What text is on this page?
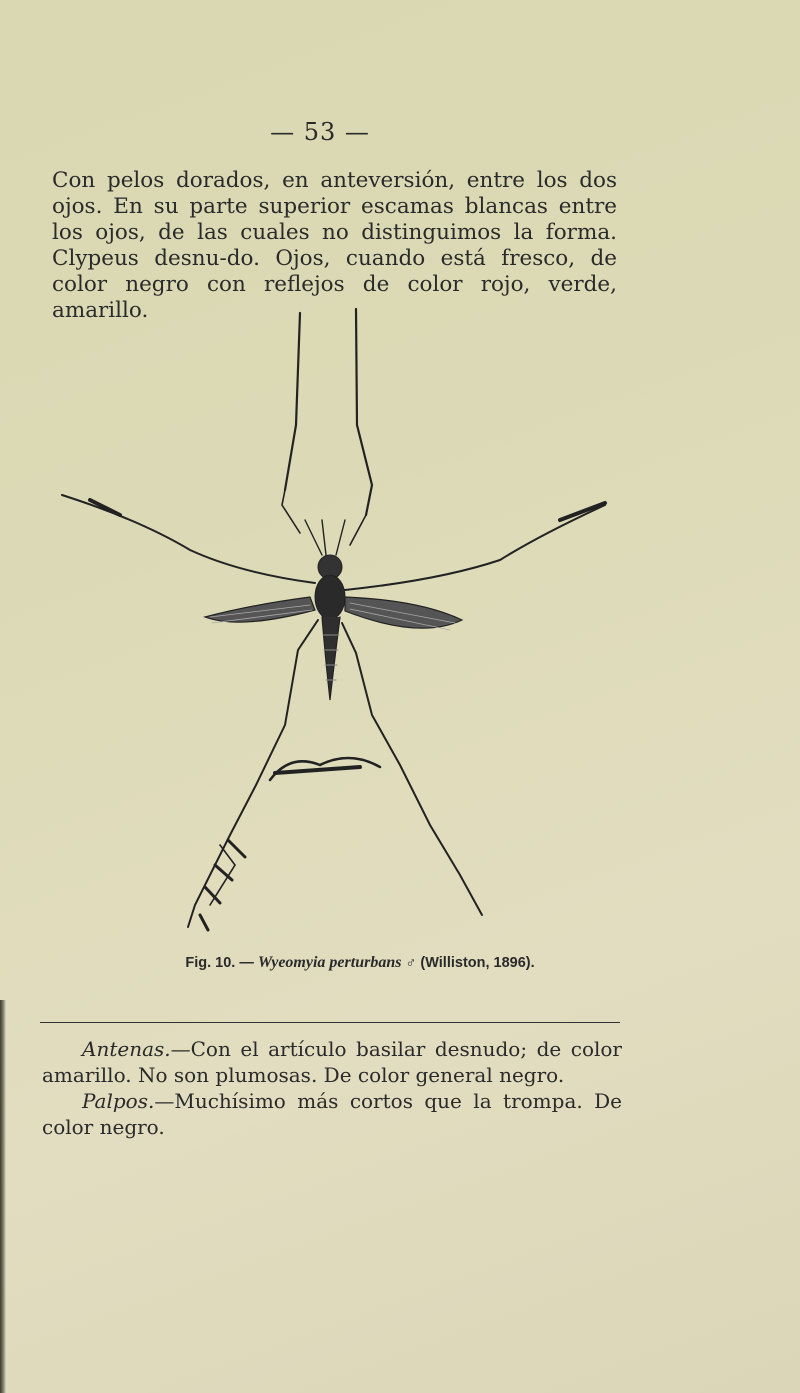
— 53 —

Con pelos dorados, en anteversión, entre los dos ojos. En su parte superior escamas blancas entre los ojos, de las cuales no distinguimos la forma. Clypeus desnu-do. Ojos, cuando está fresco, de color negro con reflejos de color rojo, verde, amarillo.

Fig. 10. — Wyeomyia perturbans ♂ (Williston, 1896).

Antenas.—Con el artículo basilar desnudo; de color amarillo. No son plumosas. De color general negro.

Palpos.—Muchísimo más cortos que la trompa. De color negro.
